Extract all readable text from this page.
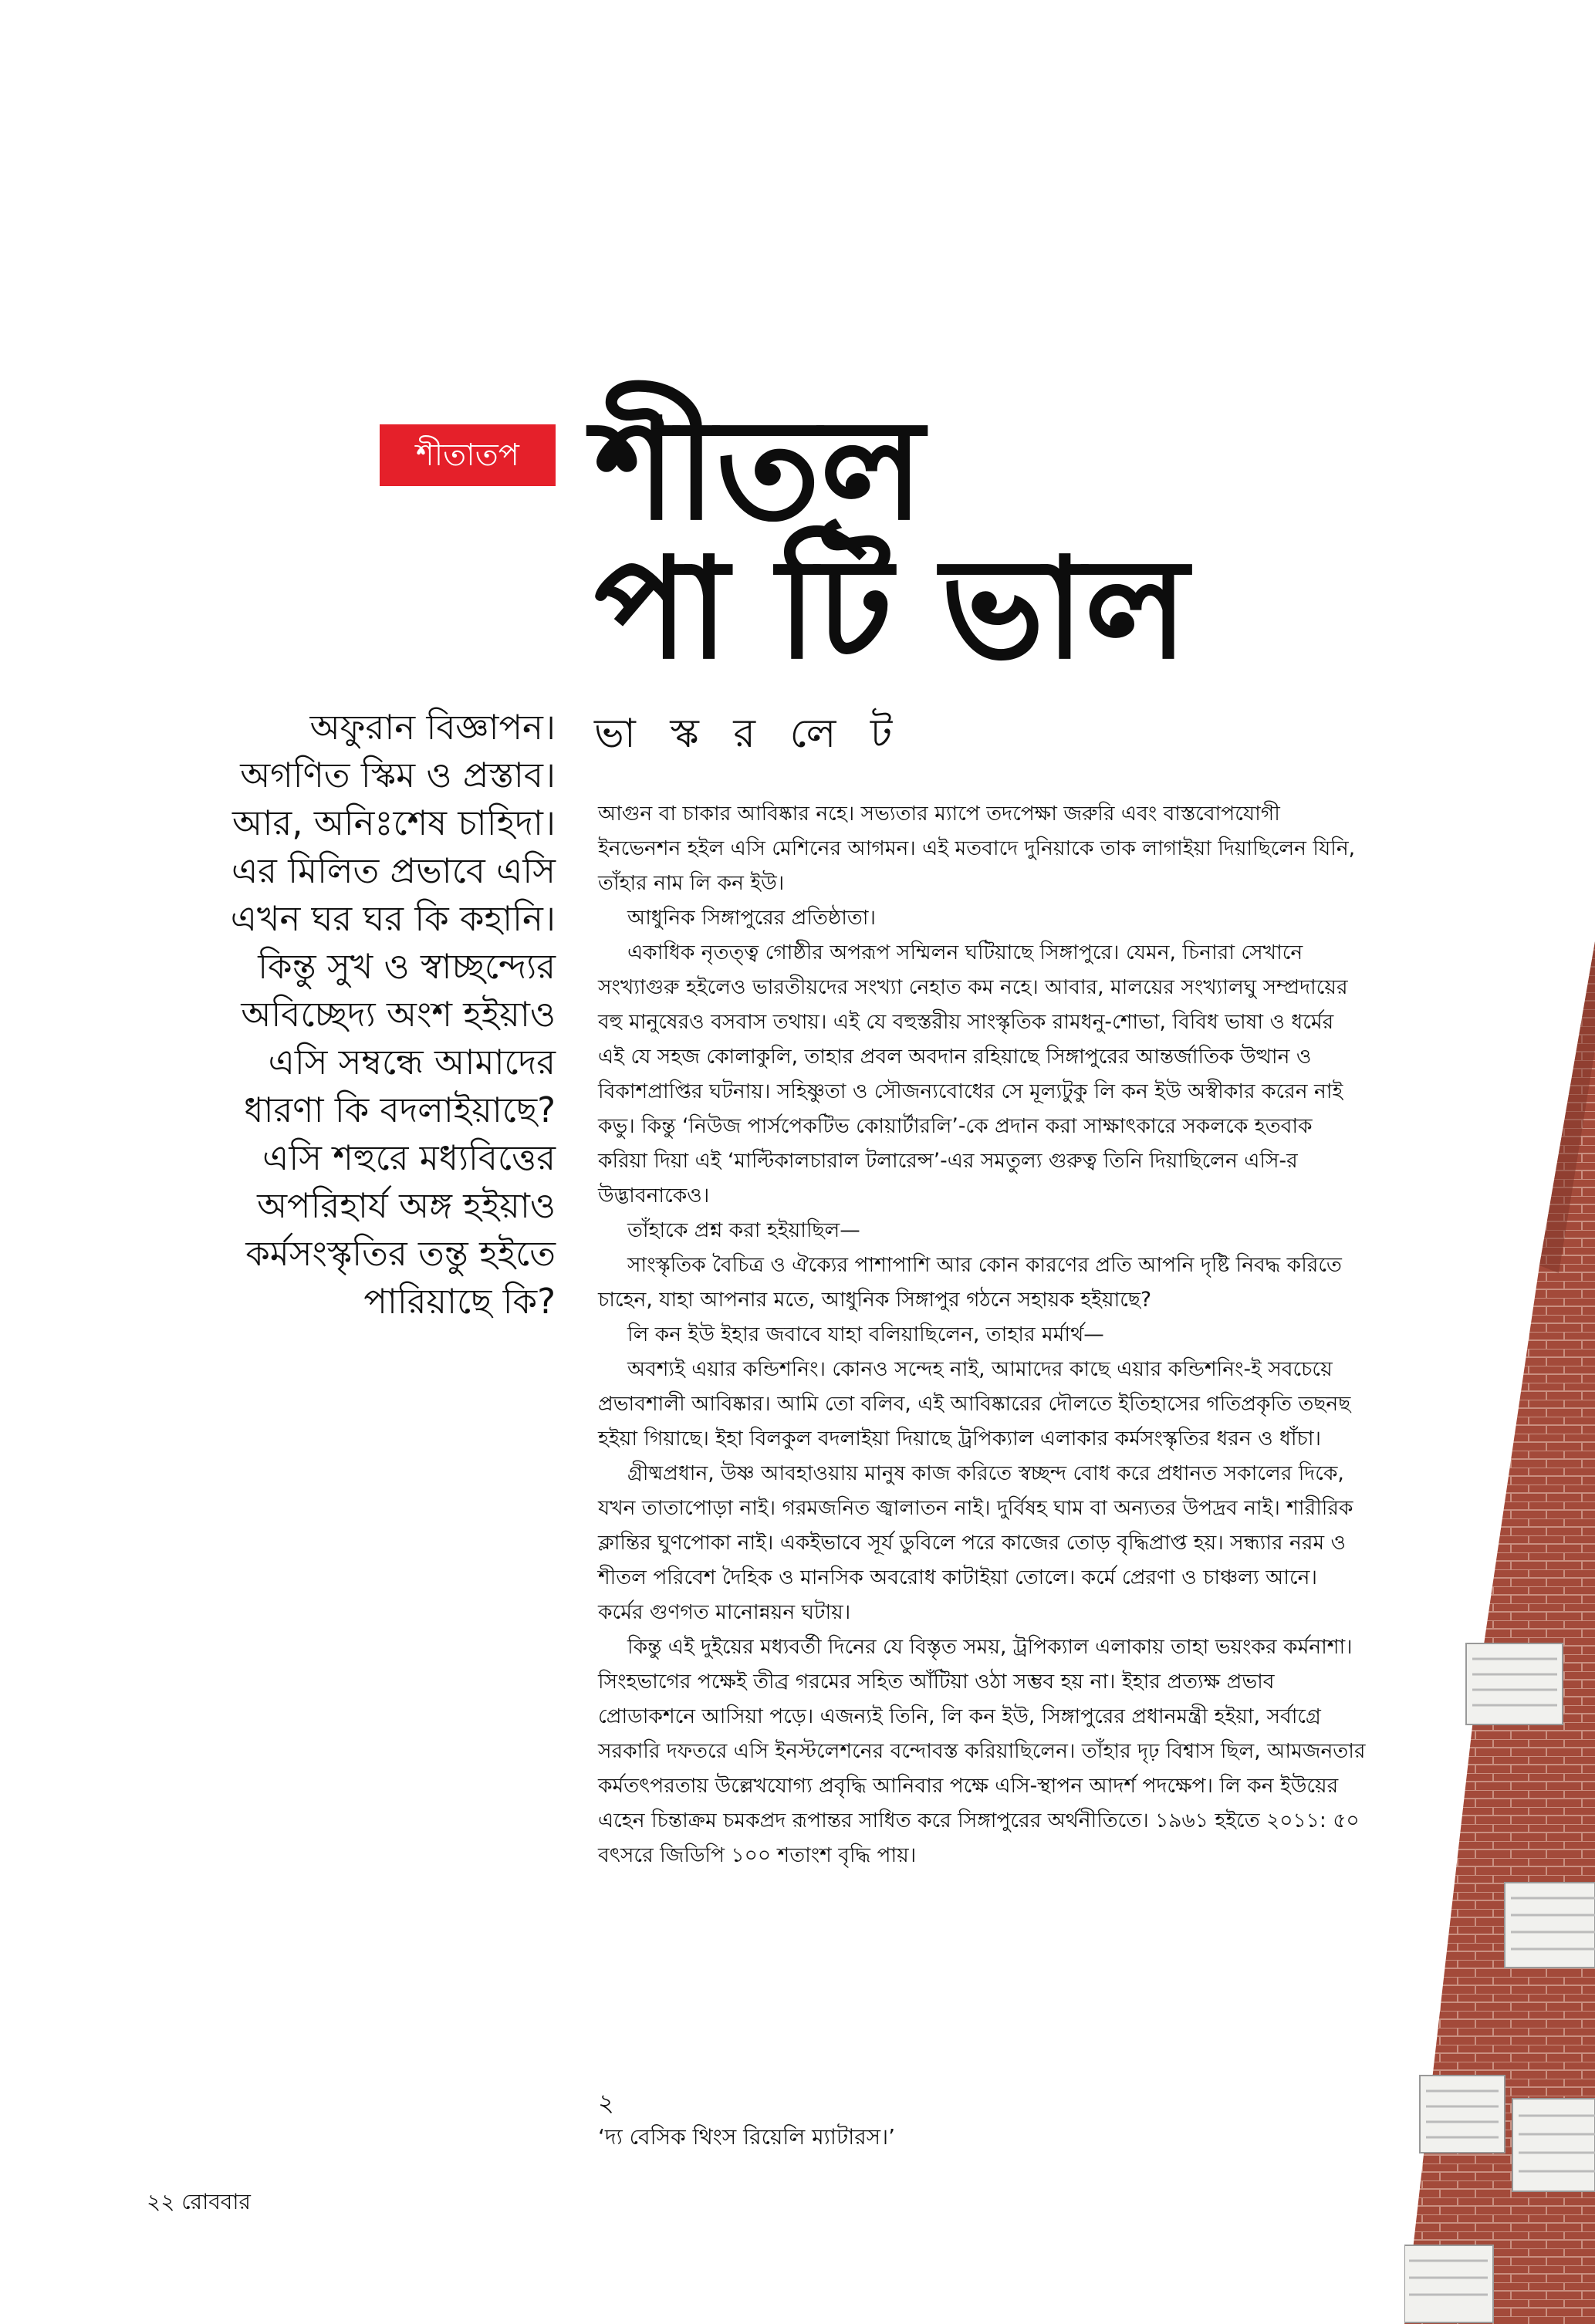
শীতাতপ শীতল
পা টি ভাল
ভা স্ক র লে ট
অফুরান বিজ্ঞাপন।
অগণিত স্কিম ও প্রস্তাব।
আর, অনিঃশেষ চাহিদা।
এর মিলিত প্রভাবে এসি
এখন ঘর ঘর কি কহানি।
কিন্তু সুখ ও স্বাচ্ছন্দ্যের
অবিচ্ছেদ্য অংশ হইয়াও
এসি সম্বন্ধে আমাদের
ধারণা কি বদলাইয়াছে?
এসি শহুরে মধ্যবিত্তের
অপরিহার্য অঙ্গ হইয়াও
কর্মসংস্কৃতির তন্তু হইতে
পারিয়াছে কি?

আগুন বা চাকার আবিষ্কার নহে। সভ্যতার ম্যাপে তদপেক্ষা জরুরি এবং বাস্তবোপযোগী ইনভেনশন হইল এসি মেশিনের আগমন। এই মতবাদে দুনিয়াকে তাক লাগাইয়া দিয়াছিলেন যিনি, তাঁহার নাম লি কন ইউ।

আধুনিক সিঙ্গাপুরের প্রতিষ্ঠাতা।

একাধিক নৃতত্ত্ব গোষ্ঠীর অপরূপ সম্মিলন ঘটিয়াছে সিঙ্গাপুরে। যেমন, চিনারা সেখানে সংখ্যাগুরু হইলেও ভারতীয়দের সংখ্যা নেহাত কম নহে। আবার, মালয়ের সংখ্যালঘু সম্প্রদায়ের বহু মানুষেরও বসবাস তথায়। এই যে বহুস্তরীয় সাংস্কৃতিক রামধনু-শোভা, বিবিধ ভাষা ও ধর্মের এই যে সহজ কোলাকুলি, তাহার প্রবল অবদান রহিয়াছে সিঙ্গাপুরের আন্তর্জাতিক উত্থান ও বিকাশপ্রাপ্তির ঘটনায়। সহিষ্ণুতা ও সৌজন্যবোধের সে মূল্যটুকু লি কন ইউ অস্বীকার করেন নাই কভু। কিন্তু ‘নিউজ পার্সপেকটিভ কোয়ার্টারলি’-কে প্রদান করা সাক্ষাৎকারে সকলকে হতবাক করিয়া দিয়া এই ‘মাল্টিকালচারাল টলারেন্স’-এর সমতুল্য গুরুত্ব তিনি দিয়াছিলেন এসি-র উদ্ভাবনাকেও।

তাঁহাকে প্রশ্ন করা হইয়াছিল—

সাংস্কৃতিক বৈচিত্র ও ঐক্যের পাশাপাশি আর কোন কারণের প্রতি আপনি দৃষ্টি নিবদ্ধ করিতে চাহেন, যাহা আপনার মতে, আধুনিক সিঙ্গাপুর গঠনে সহায়ক হইয়াছে?

লি কন ইউ ইহার জবাবে যাহা বলিয়াছিলেন, তাহার মর্মার্থ—

অবশ্যই এয়ার কন্ডিশনিং। কোনও সন্দেহ নাই, আমাদের কাছে এয়ার কন্ডিশনিং-ই সবচেয়ে প্রভাবশালী আবিষ্কার। আমি তো বলিব, এই আবিষ্কারের দৌলতে ইতিহাসের গতিপ্রকৃতি তছনছ হইয়া গিয়াছে। ইহা বিলকুল বদলাইয়া দিয়াছে ট্রপিক্যাল এলাকার কর্মসংস্কৃতির ধরন ও ধাঁচা।

গ্রীষ্মপ্রধান, উষ্ণ আবহাওয়ায় মানুষ কাজ করিতে স্বচ্ছন্দ বোধ করে প্রধানত সকালের দিকে, যখন তাতাপোড়া নাই। গরমজনিত জ্বালাতন নাই। দুর্বিষহ ঘাম বা অন্যতর উপদ্রব নাই। শারীরিক ক্লান্তির ঘুণপোকা নাই। একইভাবে সূর্য ডুবিলে পরে কাজের তোড় বৃদ্ধিপ্রাপ্ত হয়। সন্ধ্যার নরম ও শীতল পরিবেশ দৈহিক ও মানসিক অবরোধ কাটাইয়া তোলে। কর্মে প্রেরণা ও চাঞ্চল্য আনে। কর্মের গুণগত মানোন্নয়ন ঘটায়।

কিন্তু এই দুইয়ের মধ্যবর্তী দিনের যে বিস্তৃত সময়, ট্রপিক্যাল এলাকায় তাহা ভয়ংকর কর্মনাশা। সিংহভাগের পক্ষেই তীব্র গরমের সহিত আঁটিয়া ওঠা সম্ভব হয় না। ইহার প্রত্যক্ষ প্রভাব প্রোডাকশনে আসিয়া পড়ে। এজন্যই তিনি, লি কন ইউ, সিঙ্গাপুরের প্রধানমন্ত্রী হইয়া, সর্বাগ্রে সরকারি দফতরে এসি ইনস্টলেশনের বন্দোবস্ত করিয়াছিলেন। তাঁহার দৃঢ় বিশ্বাস ছিল, আমজনতার কর্মতৎপরতায় উল্লেখযোগ্য প্রবৃদ্ধি আনিবার পক্ষে এসি-স্থাপন আদর্শ পদক্ষেপ। লি কন ইউয়ের এহেন চিন্তাক্রম চমকপ্রদ রূপান্তর সাধিত করে সিঙ্গাপুরের অর্থনীতিতে। ১৯৬১ হইতে ২০১১: ৫০ বৎসরে জিডিপি ১০০ শতাংশ বৃদ্ধি পায়।

২
‘দ্য বেসিক থিংস রিয়েলি ম্যাটারস।’
২২ রোববার
